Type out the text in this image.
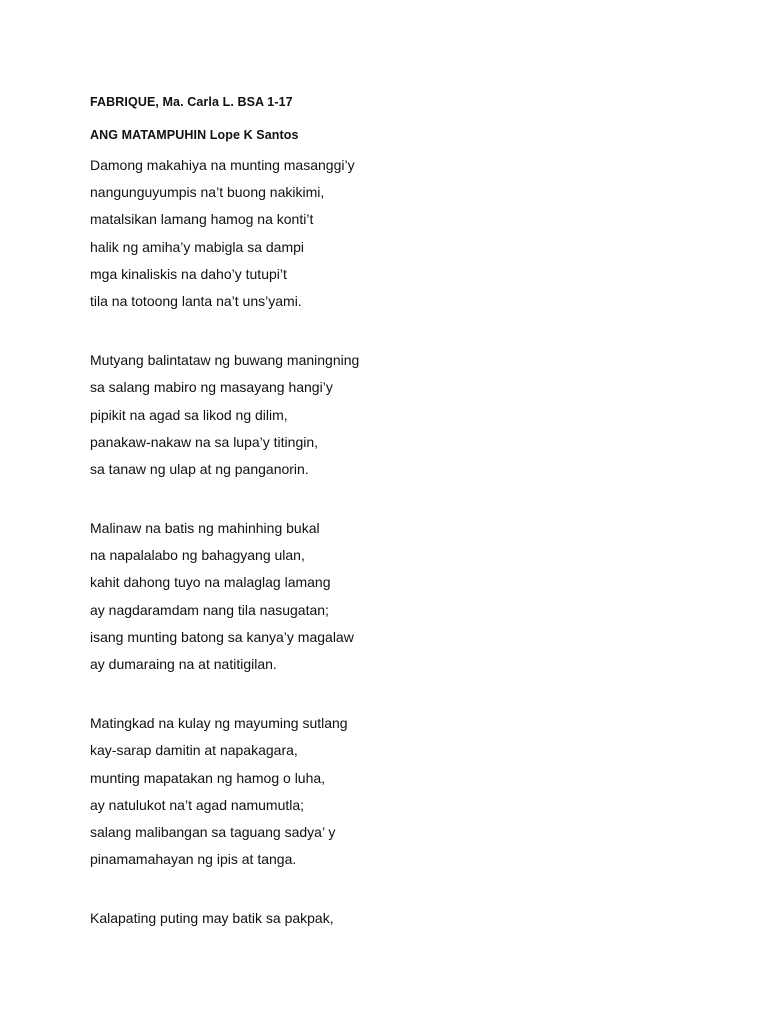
FABRIQUE, Ma. Carla L. BSA 1-17
ANG MATAMPUHIN Lope K Santos
Damong makahiya na munting masanggi’y
nangunguyumpis na’t buong nakikimi,
matalsikan lamang hamog na konti’t
halik ng amiha’y mabigla sa dampi
mga kinaliskis na daho’y tutupi’t
tila na totoong lanta na’t uns’yami.
Mutyang balintataw ng buwang maningning
sa salang mabiro ng masayang hangi’y
pipikit na agad sa likod ng dilim,
panakaw-nakaw na sa lupa’y titingin,
sa tanaw ng ulap at ng panganorin.
Malinaw na batis ng mahinhing bukal
na napalalabo ng bahagyang ulan,
kahit dahong tuyo na malaglag lamang
ay nagdaramdam nang tila nasugatan;
isang munting batong sa kanya’y magalaw
ay dumaraing na at natitigilan.
Matingkad na kulay ng mayuming sutlang
kay-sarap damitin at napakagara,
munting mapatakan ng hamog o luha,
ay natulukot na’t agad namumutla;
salang malibangan sa taguang sadya’ y
pinamamahayan ng ipis at tanga.
Kalapating puting may batik sa pakpak,
